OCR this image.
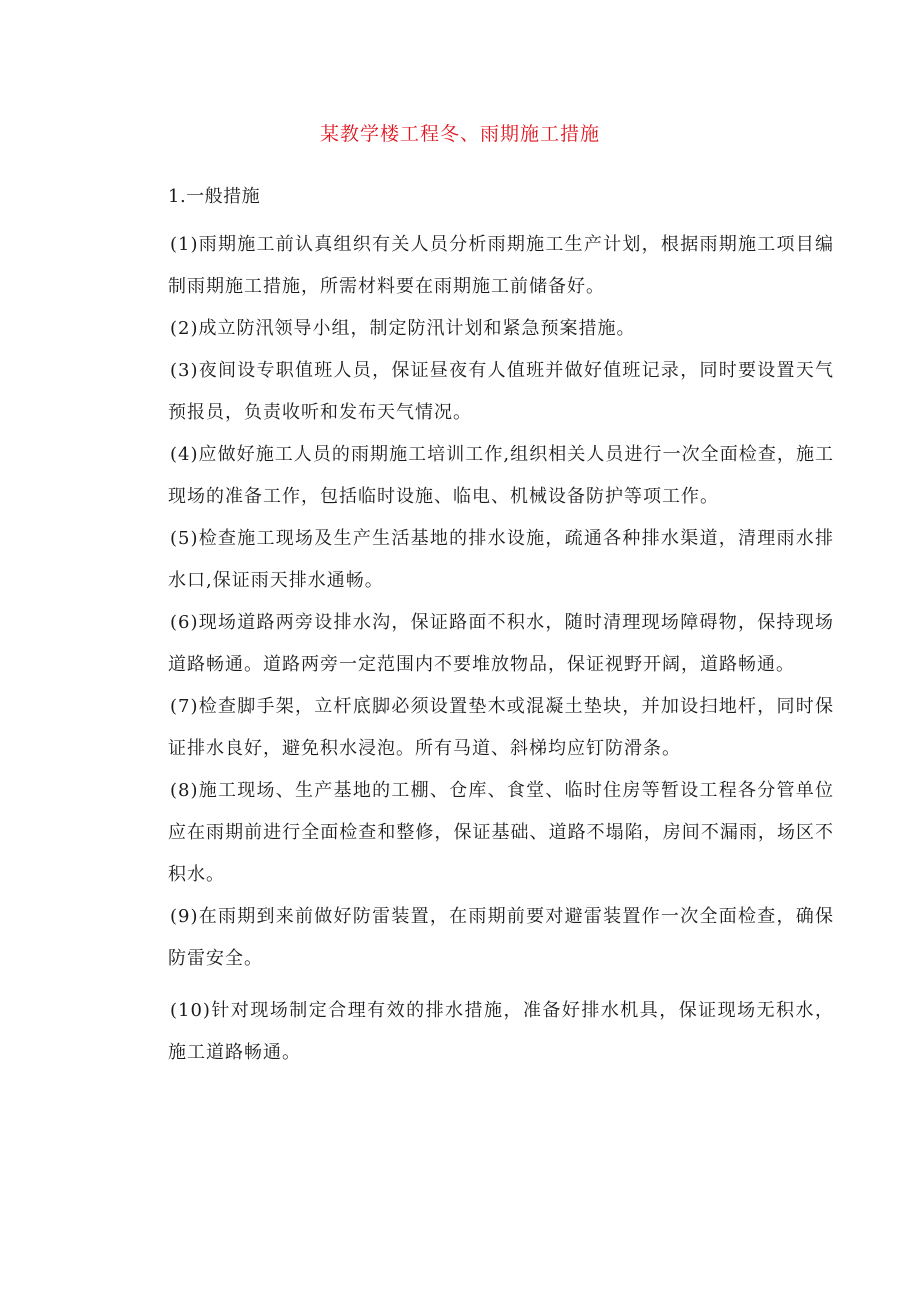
某教学楼工程冬、雨期施工措施

1.一般措施

(1)雨期施工前认真组织有关人员分析雨期施工生产计划，根据雨期施工项目编制雨期施工措施，所需材料要在雨期施工前储备好。

(2)成立防汛领导小组，制定防汛计划和紧急预案措施。

(3)夜间设专职值班人员，保证昼夜有人值班并做好值班记录，同时要设置天气预报员，负责收听和发布天气情况。

(4)应做好施工人员的雨期施工培训工作,组织相关人员进行一次全面检查，施工现场的准备工作，包括临时设施、临电、机械设备防护等项工作。

(5)检查施工现场及生产生活基地的排水设施，疏通各种排水渠道，清理雨水排水口,保证雨天排水通畅。

(6)现场道路两旁设排水沟，保证路面不积水，随时清理现场障碍物，保持现场道路畅通。道路两旁一定范围内不要堆放物品，保证视野开阔，道路畅通。

(7)检查脚手架，立杆底脚必须设置垫木或混凝土垫块，并加设扫地杆，同时保证排水良好，避免积水浸泡。所有马道、斜梯均应钉防滑条。

(8)施工现场、生产基地的工棚、仓库、食堂、临时住房等暂设工程各分管单位应在雨期前进行全面检查和整修，保证基础、道路不塌陷，房间不漏雨，场区不积水。

(9)在雨期到来前做好防雷装置，在雨期前要对避雷装置作一次全面检查，确保防雷安全。

(10)针对现场制定合理有效的排水措施，准备好排水机具，保证现场无积水，施工道路畅通。
